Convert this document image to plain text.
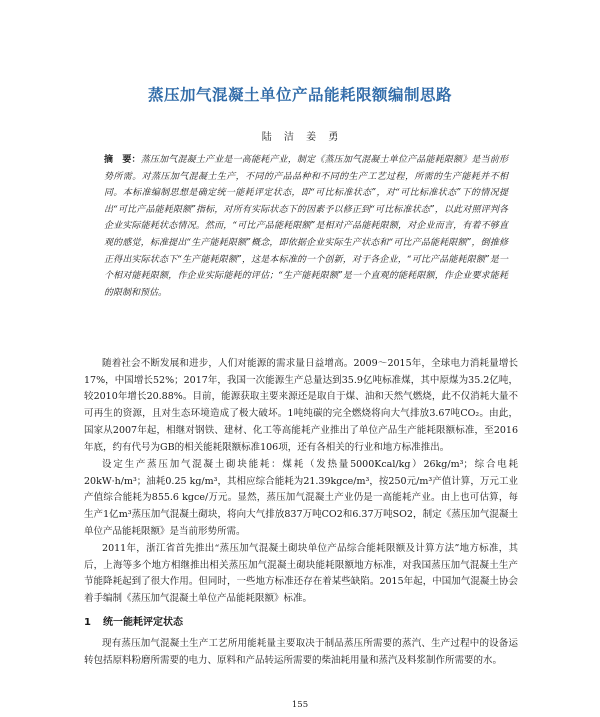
蒸压加气混凝土单位产品能耗限额编制思路

陆 洁 姜 勇

摘　要：蒸压加气混凝土产业是一高能耗产业，制定《蒸压加气混凝土单位产品能耗限额》是当前形势所需。对蒸压加气混凝土生产，不同的产品品种和不同的生产工艺过程，所需的生产能耗并不相同。本标准编制思想是确定统一能耗评定状态，即“可比标准状态”，对“可比标准状态”下的情况提出“可比产品能耗限额”指标，对所有实际状态下的因素予以修正到“可比标准状态”，以此对照评判各企业实际能耗状态情况。然而，“可比产品能耗限额”是相对产品能耗限额，对企业而言，有着不够直观的感觉，标准提出“生产能耗限额”概念，即依据企业实际生产状态和“可比产品能耗限额”，倒推修正得出实际状态下“生产能耗限额”，这是本标准的一个创新，对于各企业，“可比产品能耗限额”是一个相对能耗限额，作企业实际能耗的评估；“生产能耗限额”是一个直观的能耗限额，作企业要求能耗的限制和预估。

随着社会不断发展和进步，人们对能源的需求量日益增高。2009～2015年，全球电力消耗量增长17%，中国增长52%；2017年，我国一次能源生产总量达到35.9亿吨标准煤，其中原煤为35.2亿吨，较2010年增长20.88%。目前，能源获取主要来源还是取自于煤、油和天然气燃烧，此不仅消耗大量不可再生的资源，且对生态环境造成了极大破坏。1吨纯碳的完全燃烧将向大气排放3.67吨CO₂。由此，国家从2007年起，相继对钢铁、建材、化工等高能耗产业推出了单位产品生产能耗限额标准，至2016年底，约有代号为GB的相关能耗限额标准106项，还有各相关的行业和地方标准推出。

设定生产蒸压加气混凝土砌块能耗：煤耗（发热量5000Kcal/kg）26kg/m³；综合电耗20kW·h/m³；油耗0.25 kg/m³，其相应综合能耗为21.39kgce/m³，按250元/m³产值计算，万元工业产值综合能耗为855.6 kgce/万元。显然，蒸压加气混凝土产业仍是一高能耗产业。由上也可估算，每生产1亿m³蒸压加气混凝土砌块，将向大气排放837万吨CO2和6.37万吨SO2，制定《蒸压加气混凝土单位产品能耗限额》是当前形势所需。

2011年，浙江省首先推出“蒸压加气混凝土砌块单位产品综合能耗限额及计算方法”地方标准，其后，上海等多个地方相继推出相关蒸压加气混凝土砌块能耗限额地方标准，对我国蒸压加气混凝土生产节能降耗起到了很大作用。但同时，一些地方标准还存在着某些缺陷。2015年起，中国加气混凝土协会着手编制《蒸压加气混凝土单位产品能耗限额》标准。

1 统一能耗评定状态

现有蒸压加气混凝土生产工艺所用能耗量主要取决于制品蒸压所需要的蒸汽、生产过程中的设备运转包括原料粉磨所需要的电力、原料和产品转运所需要的柴油耗用量和蒸汽及料浆制作所需要的水。

155
